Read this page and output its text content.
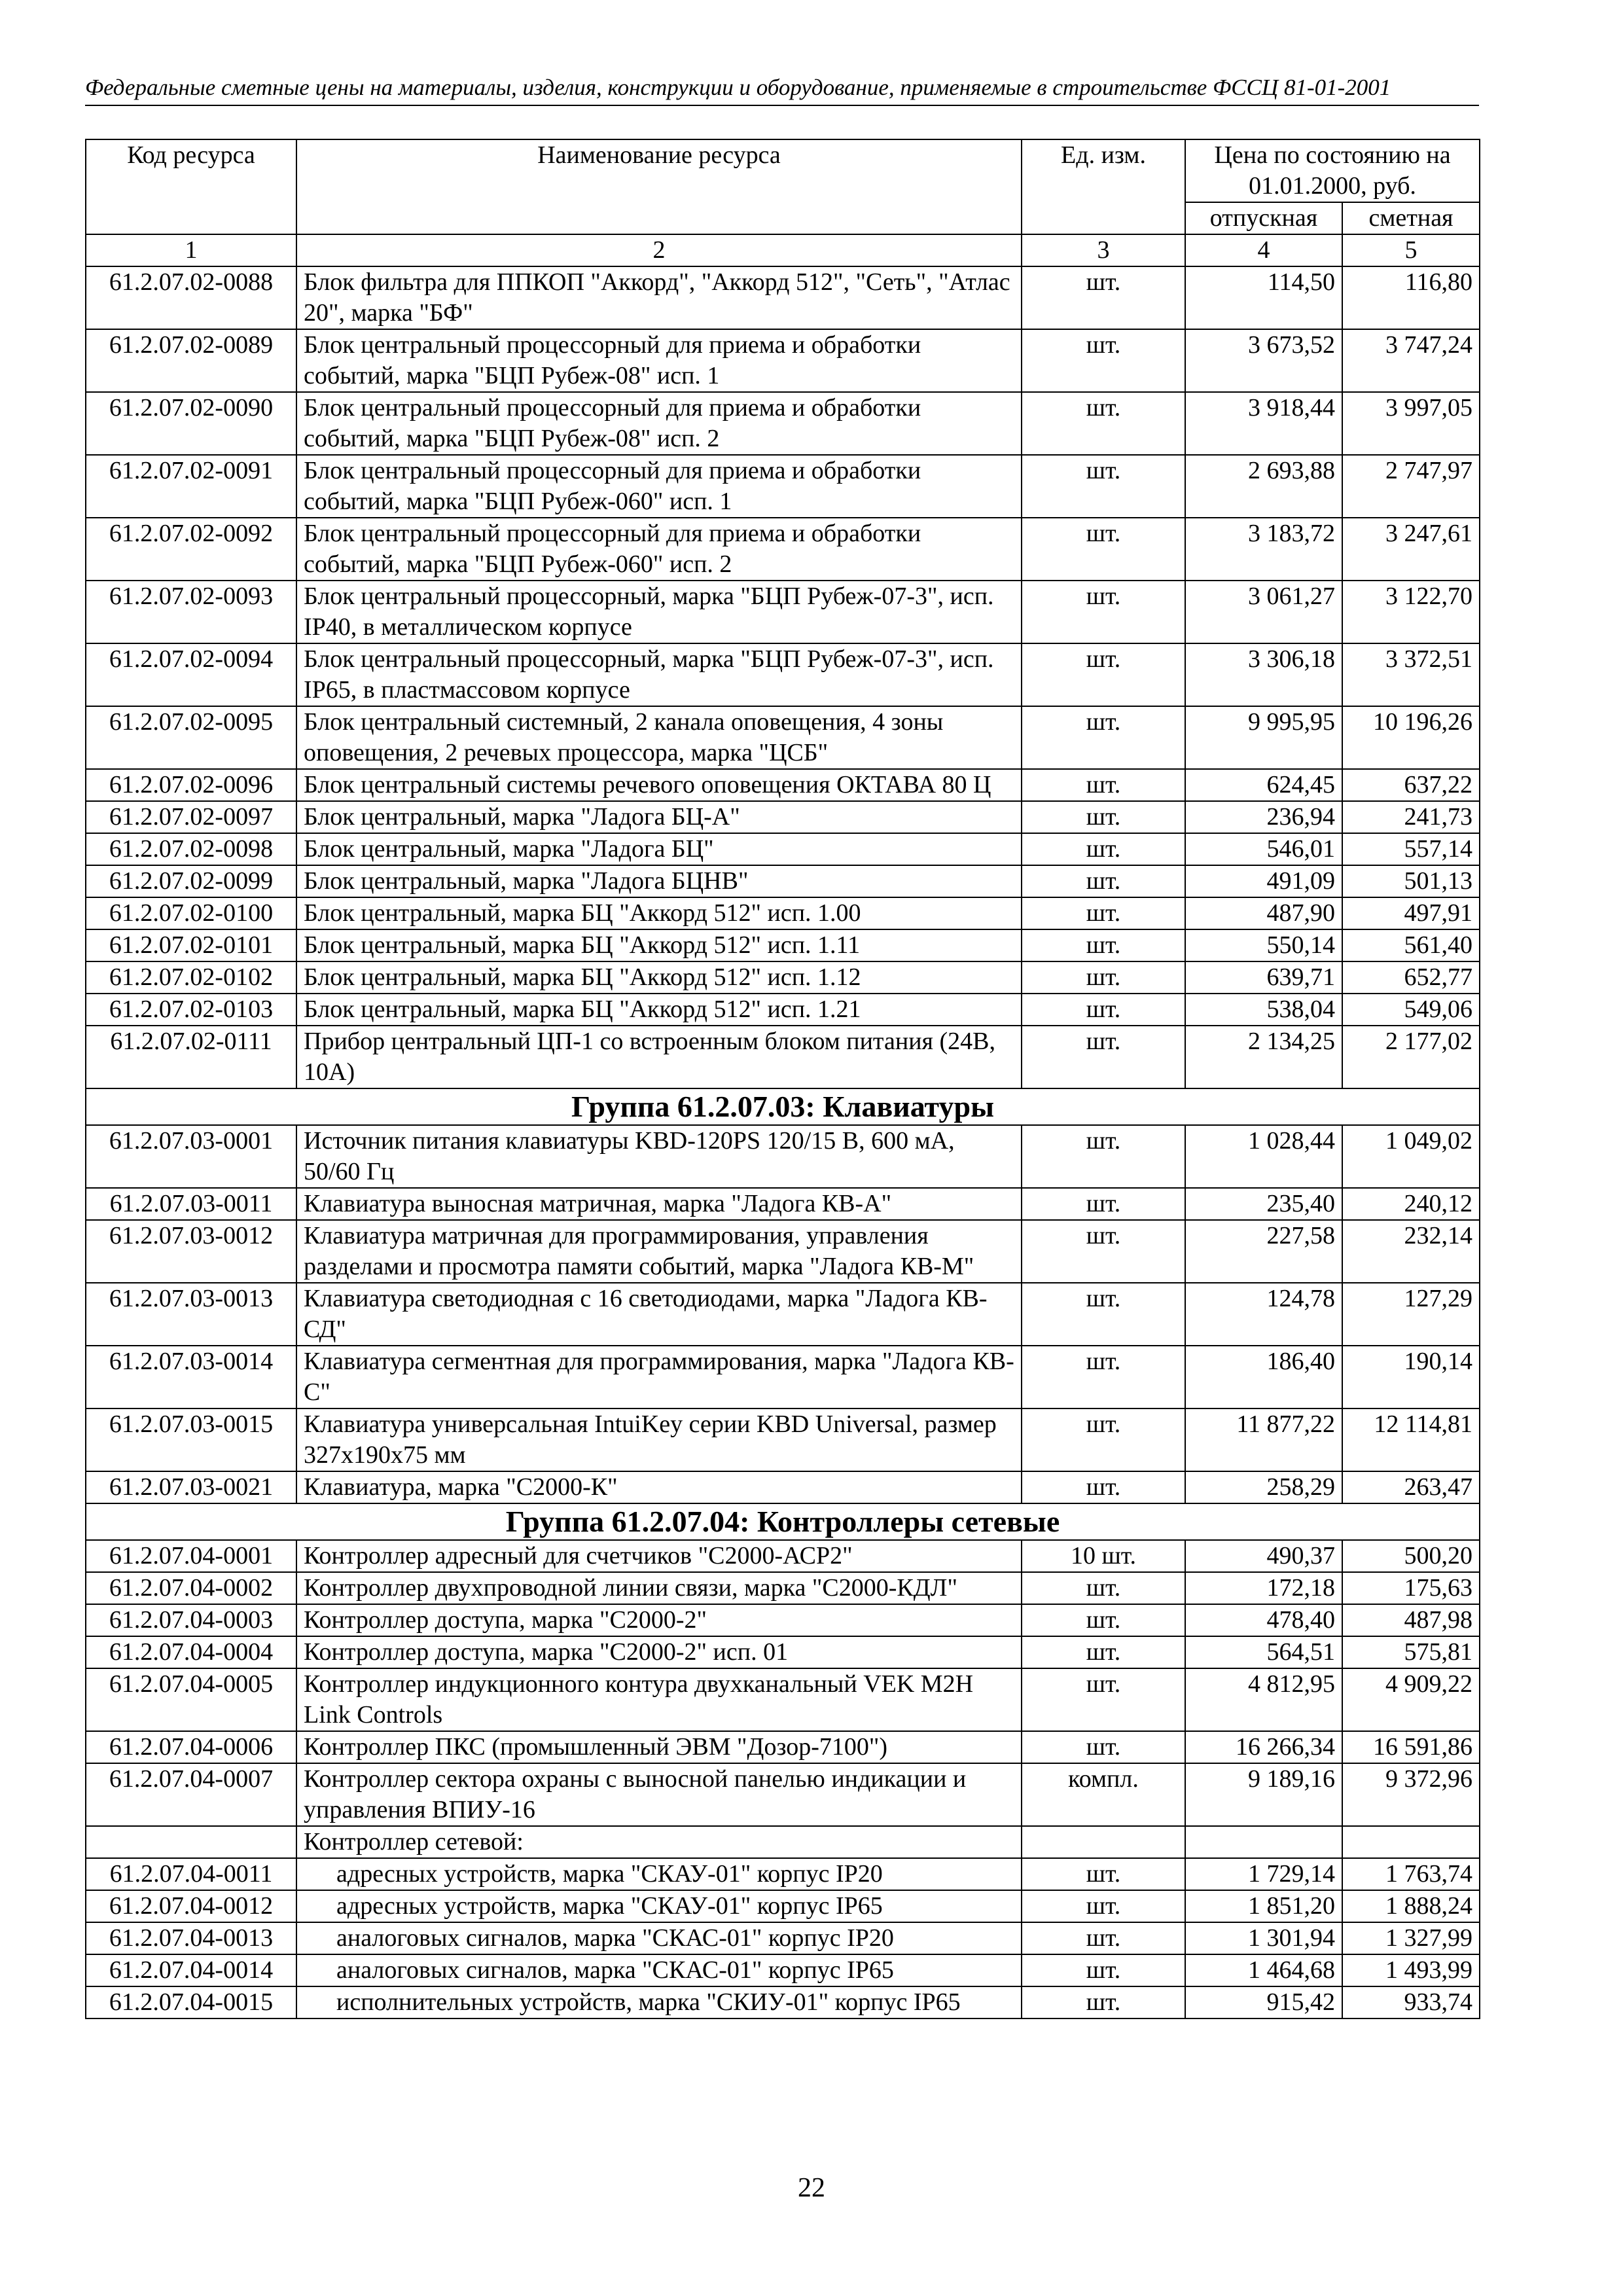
Федеральные сметные цены на материалы, изделия, конструкции и оборудование, применяемые в строительстве ФССЦ 81-01-2001
Код ресурса	Наименование ресурса	Ед. изм.	Цена по состоянию на 01.01.2000, руб.	
			отпускная	сметная
1	2	3	4	5
61.2.07.02-0088	Блок фильтра для ППКОП "Аккорд", "Аккорд 512", "Сеть", "Атлас 20", марка "БФ"	шт.	114,50	116,80
61.2.07.02-0089	Блок центральный процессорный для приема и обработки событий, марка "БЦП Рубеж-08" исп. 1	шт.	3 673,52	3 747,24
61.2.07.02-0090	Блок центральный процессорный для приема и обработки событий, марка "БЦП Рубеж-08" исп. 2	шт.	3 918,44	3 997,05
61.2.07.02-0091	Блок центральный процессорный для приема и обработки событий, марка "БЦП Рубеж-060" исп. 1	шт.	2 693,88	2 747,97
61.2.07.02-0092	Блок центральный процессорный для приема и обработки событий, марка "БЦП Рубеж-060" исп. 2	шт.	3 183,72	3 247,61
61.2.07.02-0093	Блок центральный процессорный, марка "БЦП Рубеж-07-3", исп. IP40, в металлическом корпусе	шт.	3 061,27	3 122,70
61.2.07.02-0094	Блок центральный процессорный, марка "БЦП Рубеж-07-3", исп. IP65, в пластмассовом корпусе	шт.	3 306,18	3 372,51
61.2.07.02-0095	Блок центральный системный, 2 канала оповещения, 4 зоны оповещения, 2 речевых процессора, марка "ЦСБ"	шт.	9 995,95	10 196,26
61.2.07.02-0096	Блок центральный системы речевого оповещения ОКТАВА 80 Ц	шт.	624,45	637,22
61.2.07.02-0097	Блок центральный, марка "Ладога БЦ-А"	шт.	236,94	241,73
61.2.07.02-0098	Блок центральный, марка "Ладога БЦ"	шт.	546,01	557,14
61.2.07.02-0099	Блок центральный, марка "Ладога БЦНВ"	шт.	491,09	501,13
61.2.07.02-0100	Блок центральный, марка БЦ "Аккорд 512" исп. 1.00	шт.	487,90	497,91
61.2.07.02-0101	Блок центральный, марка БЦ "Аккорд 512" исп. 1.11	шт.	550,14	561,40
61.2.07.02-0102	Блок центральный, марка БЦ "Аккорд 512" исп. 1.12	шт.	639,71	652,77
61.2.07.02-0103	Блок центральный, марка БЦ "Аккорд 512" исп. 1.21	шт.	538,04	549,06
61.2.07.02-0111	Прибор центральный ЦП-1 со встроенным блоком питания (24В, 10А)	шт.	2 134,25	2 177,02
Группа 61.2.07.03: Клавиатуры				
61.2.07.03-0001	Источник питания клавиатуры KBD-120PS 120/15 В, 600 мА, 50/60 Гц	шт.	1 028,44	1 049,02
61.2.07.03-0011	Клавиатура выносная матричная, марка "Ладога КВ-А"	шт.	235,40	240,12
61.2.07.03-0012	Клавиатура матричная для программирования, управления разделами и просмотра памяти событий, марка "Ладога КВ-М"	шт.	227,58	232,14
61.2.07.03-0013	Клавиатура светодиодная с 16 светодиодами, марка "Ладога КВ- СД"	шт.	124,78	127,29
61.2.07.03-0014	Клавиатура сегментная для программирования, марка "Ладога КВ-С"	шт.	186,40	190,14
61.2.07.03-0015	Клавиатура универсальная IntuiKey серии KBD Universal, размер 327x190x75 мм	шт.	11 877,22	12 114,81
61.2.07.03-0021	Клавиатура, марка "С2000-К"	шт.	258,29	263,47
Группа 61.2.07.04: Контроллеры сетевые				
61.2.07.04-0001	Контроллер адресный для счетчиков "С2000-АСР2"	10 шт.	490,37	500,20
61.2.07.04-0002	Контроллер двухпроводной линии связи, марка "С2000-КДЛ"	шт.	172,18	175,63
61.2.07.04-0003	Контроллер доступа, марка "С2000-2"	шт.	478,40	487,98
61.2.07.04-0004	Контроллер доступа, марка "С2000-2" исп. 01	шт.	564,51	575,81
61.2.07.04-0005	Контроллер индукционного контура двухканальный VEK M2H Link Controls	шт.	4 812,95	4 909,22
61.2.07.04-0006	Контроллер ПКС (промышленный ЭВМ "Дозор-7100")	шт.	16 266,34	16 591,86
61.2.07.04-0007	Контроллер сектора охраны с выносной панелью индикации и управления ВПИУ-16	компл.	9 189,16	9 372,96
	Контроллер сетевой:			
61.2.07.04-0011	адресных устройств, марка "СКАУ-01" корпус IP20	шт.	1 729,14	1 763,74
61.2.07.04-0012	адресных устройств, марка "СКАУ-01" корпус IP65	шт.	1 851,20	1 888,24
61.2.07.04-0013	аналоговых сигналов, марка "СКАС-01" корпус IP20	шт.	1 301,94	1 327,99
61.2.07.04-0014	аналоговых сигналов, марка "СКАС-01" корпус IP65	шт.	1 464,68	1 493,99
61.2.07.04-0015	исполнительных устройств, марка "СКИУ-01" корпус IP65	шт.	915,42	933,74
22
